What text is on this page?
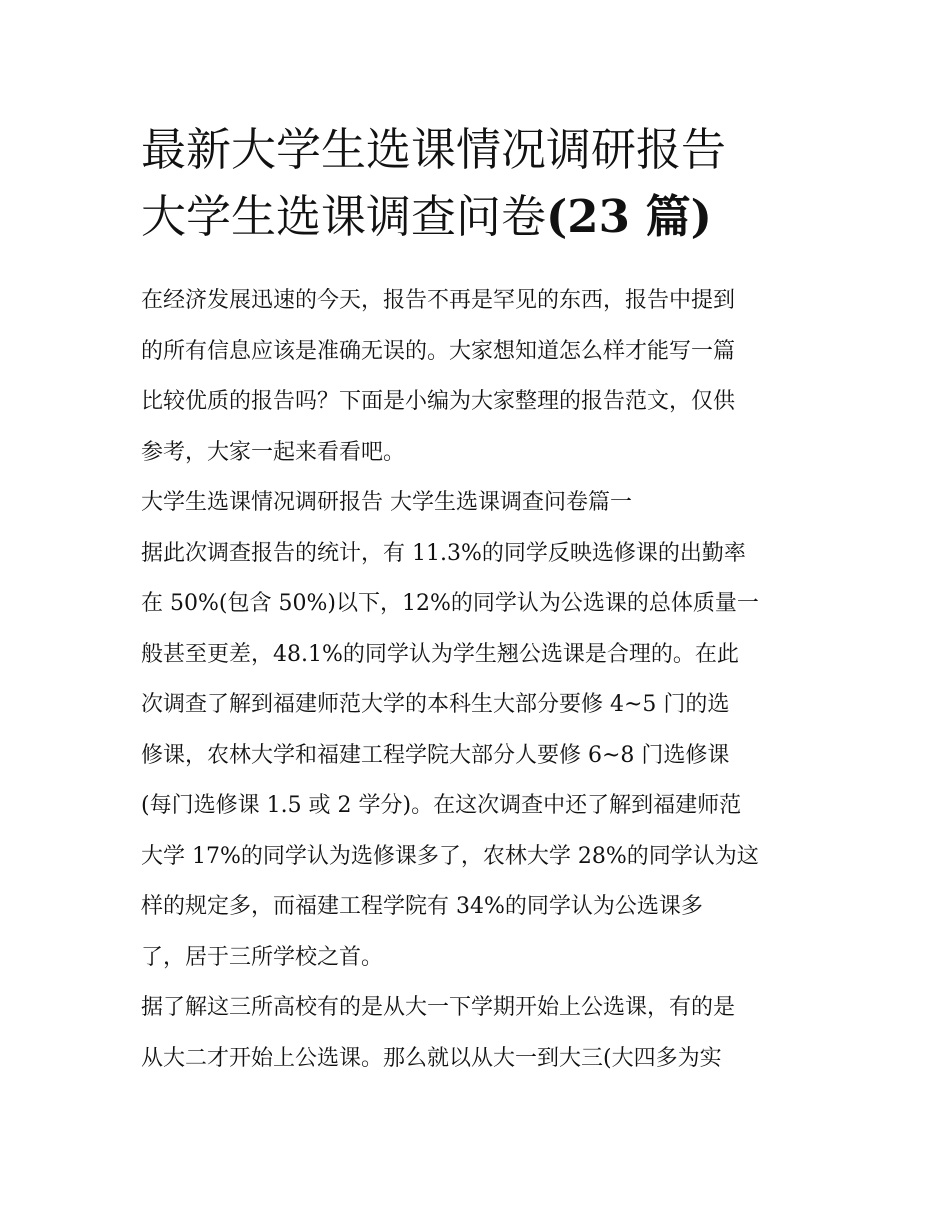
最新大学生选课情况调研报告
大学生选课调查问卷(23 篇)
在经济发展迅速的今天，报告不再是罕见的东西，报告中提到
的所有信息应该是准确无误的。大家想知道怎么样才能写一篇
比较优质的报告吗？下面是小编为大家整理的报告范文，仅供
参考，大家一起来看看吧。
大学生选课情况调研报告 大学生选课调查问卷篇一
据此次调查报告的统计，有 11.3%的同学反映选修课的出勤率
在 50%(包含 50%)以下，12%的同学认为公选课的总体质量一
般甚至更差，48.1%的同学认为学生翘公选课是合理的。在此
次调查了解到福建师范大学的本科生大部分要修 4~5 门的选
修课，农林大学和福建工程学院大部分人要修 6~8 门选修课
(每门选修课 1.5 或 2 学分)。在这次调查中还了解到福建师范
大学 17%的同学认为选修课多了，农林大学 28%的同学认为这
样的规定多，而福建工程学院有 34%的同学认为公选课多
了，居于三所学校之首。
据了解这三所高校有的是从大一下学期开始上公选课，有的是
从大二才开始上公选课。那么就以从大一到大三(大四多为实
